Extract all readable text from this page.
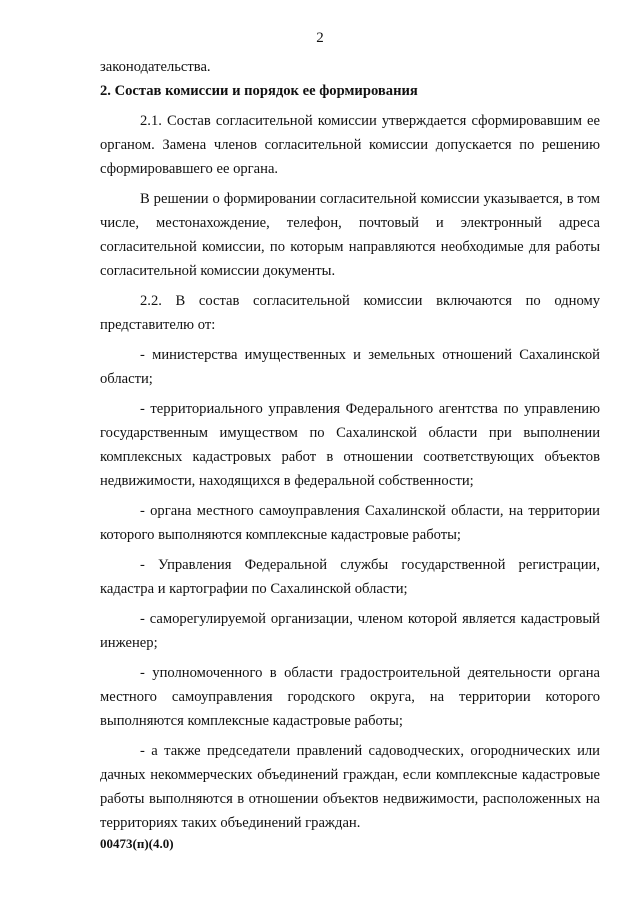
2

законодательства.

2. Состав комиссии и порядок ее формирования

2.1. Состав согласительной комиссии утверждается сформировавшим ее органом. Замена членов согласительной комиссии допускается по решению сформировавшего ее органа.

В решении о формировании согласительной комиссии указывается, в том числе, местонахождение, телефон, почтовый и электронный адреса согласительной комиссии, по которым направляются необходимые для работы согласительной комиссии документы.

2.2. В состав согласительной комиссии включаются по одному представителю от:

- министерства имущественных и земельных отношений Сахалинской области;

- территориального управления Федерального агентства по управлению государственным имуществом по Сахалинской области при выполнении комплексных кадастровых работ в отношении соответствующих объектов недвижимости, находящихся в федеральной собственности;

- органа местного самоуправления Сахалинской области, на территории которого выполняются комплексные кадастровые работы;

- Управления Федеральной службы государственной регистрации, кадастра и картографии по Сахалинской области;

- саморегулируемой организации, членом которой является кадастровый инженер;

- уполномоченного в области градостроительной деятельности органа местного самоуправления городского округа, на территории которого выполняются комплексные кадастровые работы;

- а также председатели правлений садоводческих, огороднических или дачных некоммерческих объединений граждан, если комплексные кадастровые работы выполняются в отношении объектов недвижимости, расположенных на территориях таких объединений граждан.

00473(п)(4.0)
